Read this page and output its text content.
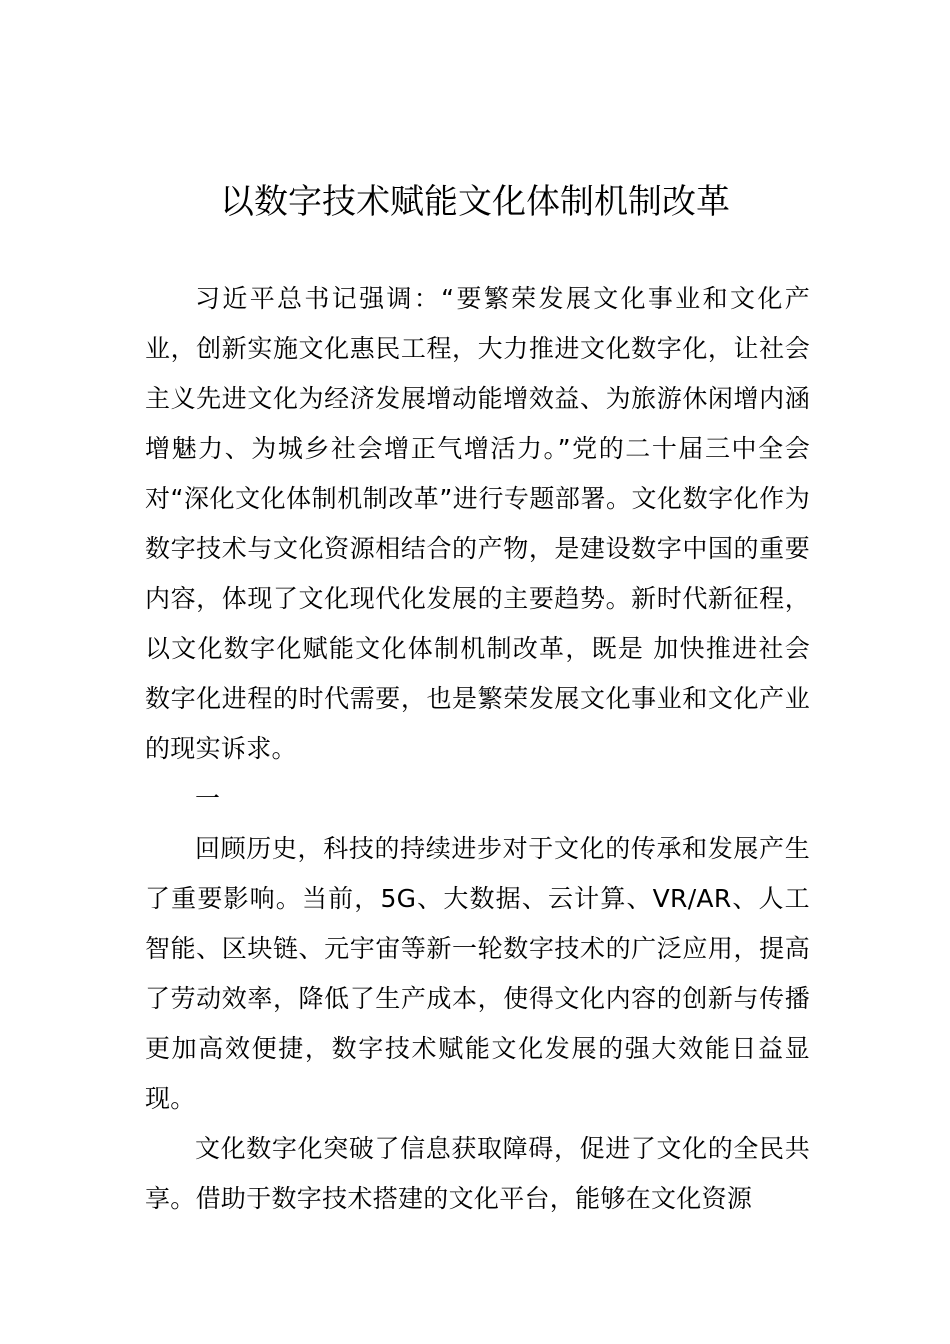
以数字技术赋能文化体制机制改革

习近平总书记强调：“要繁荣发展文化事业和文化产业，创新实施文化惠民工程，大力推进文化数字化，让社会主义先进文化为经济发展增动能增效益、为旅游休闲增内涵增魅力、为城乡社会增正气增活力。”党的二十届三中全会对“深化文化体制机制改革”进行专题部署。文化数字化作为数字技术与文化资源相结合的产物，是建设数字中国的重要内容，体现了文化现代化发展的主要趋势。新时代新征程，以文化数字化赋能文化体制机制改革，既是 加快推进社会数字化进程的时代需要，也是繁荣发展文化事业和文化产业的现实诉求。

一

回顾历史，科技的持续进步对于文化的传承和发展产生了重要影响。当前，5G、大数据、云计算、VR/AR、人工智能、区块链、元宇宙等新一轮数字技术的广泛应用，提高了劳动效率，降低了生产成本，使得文化内容的创新与传播更加高效便捷，数字技术赋能文化发展的强大效能日益显现。

文化数字化突破了信息获取障碍，促进了文化的全民共享。借助于数字技术搭建的文化平台，能够在文化资源
